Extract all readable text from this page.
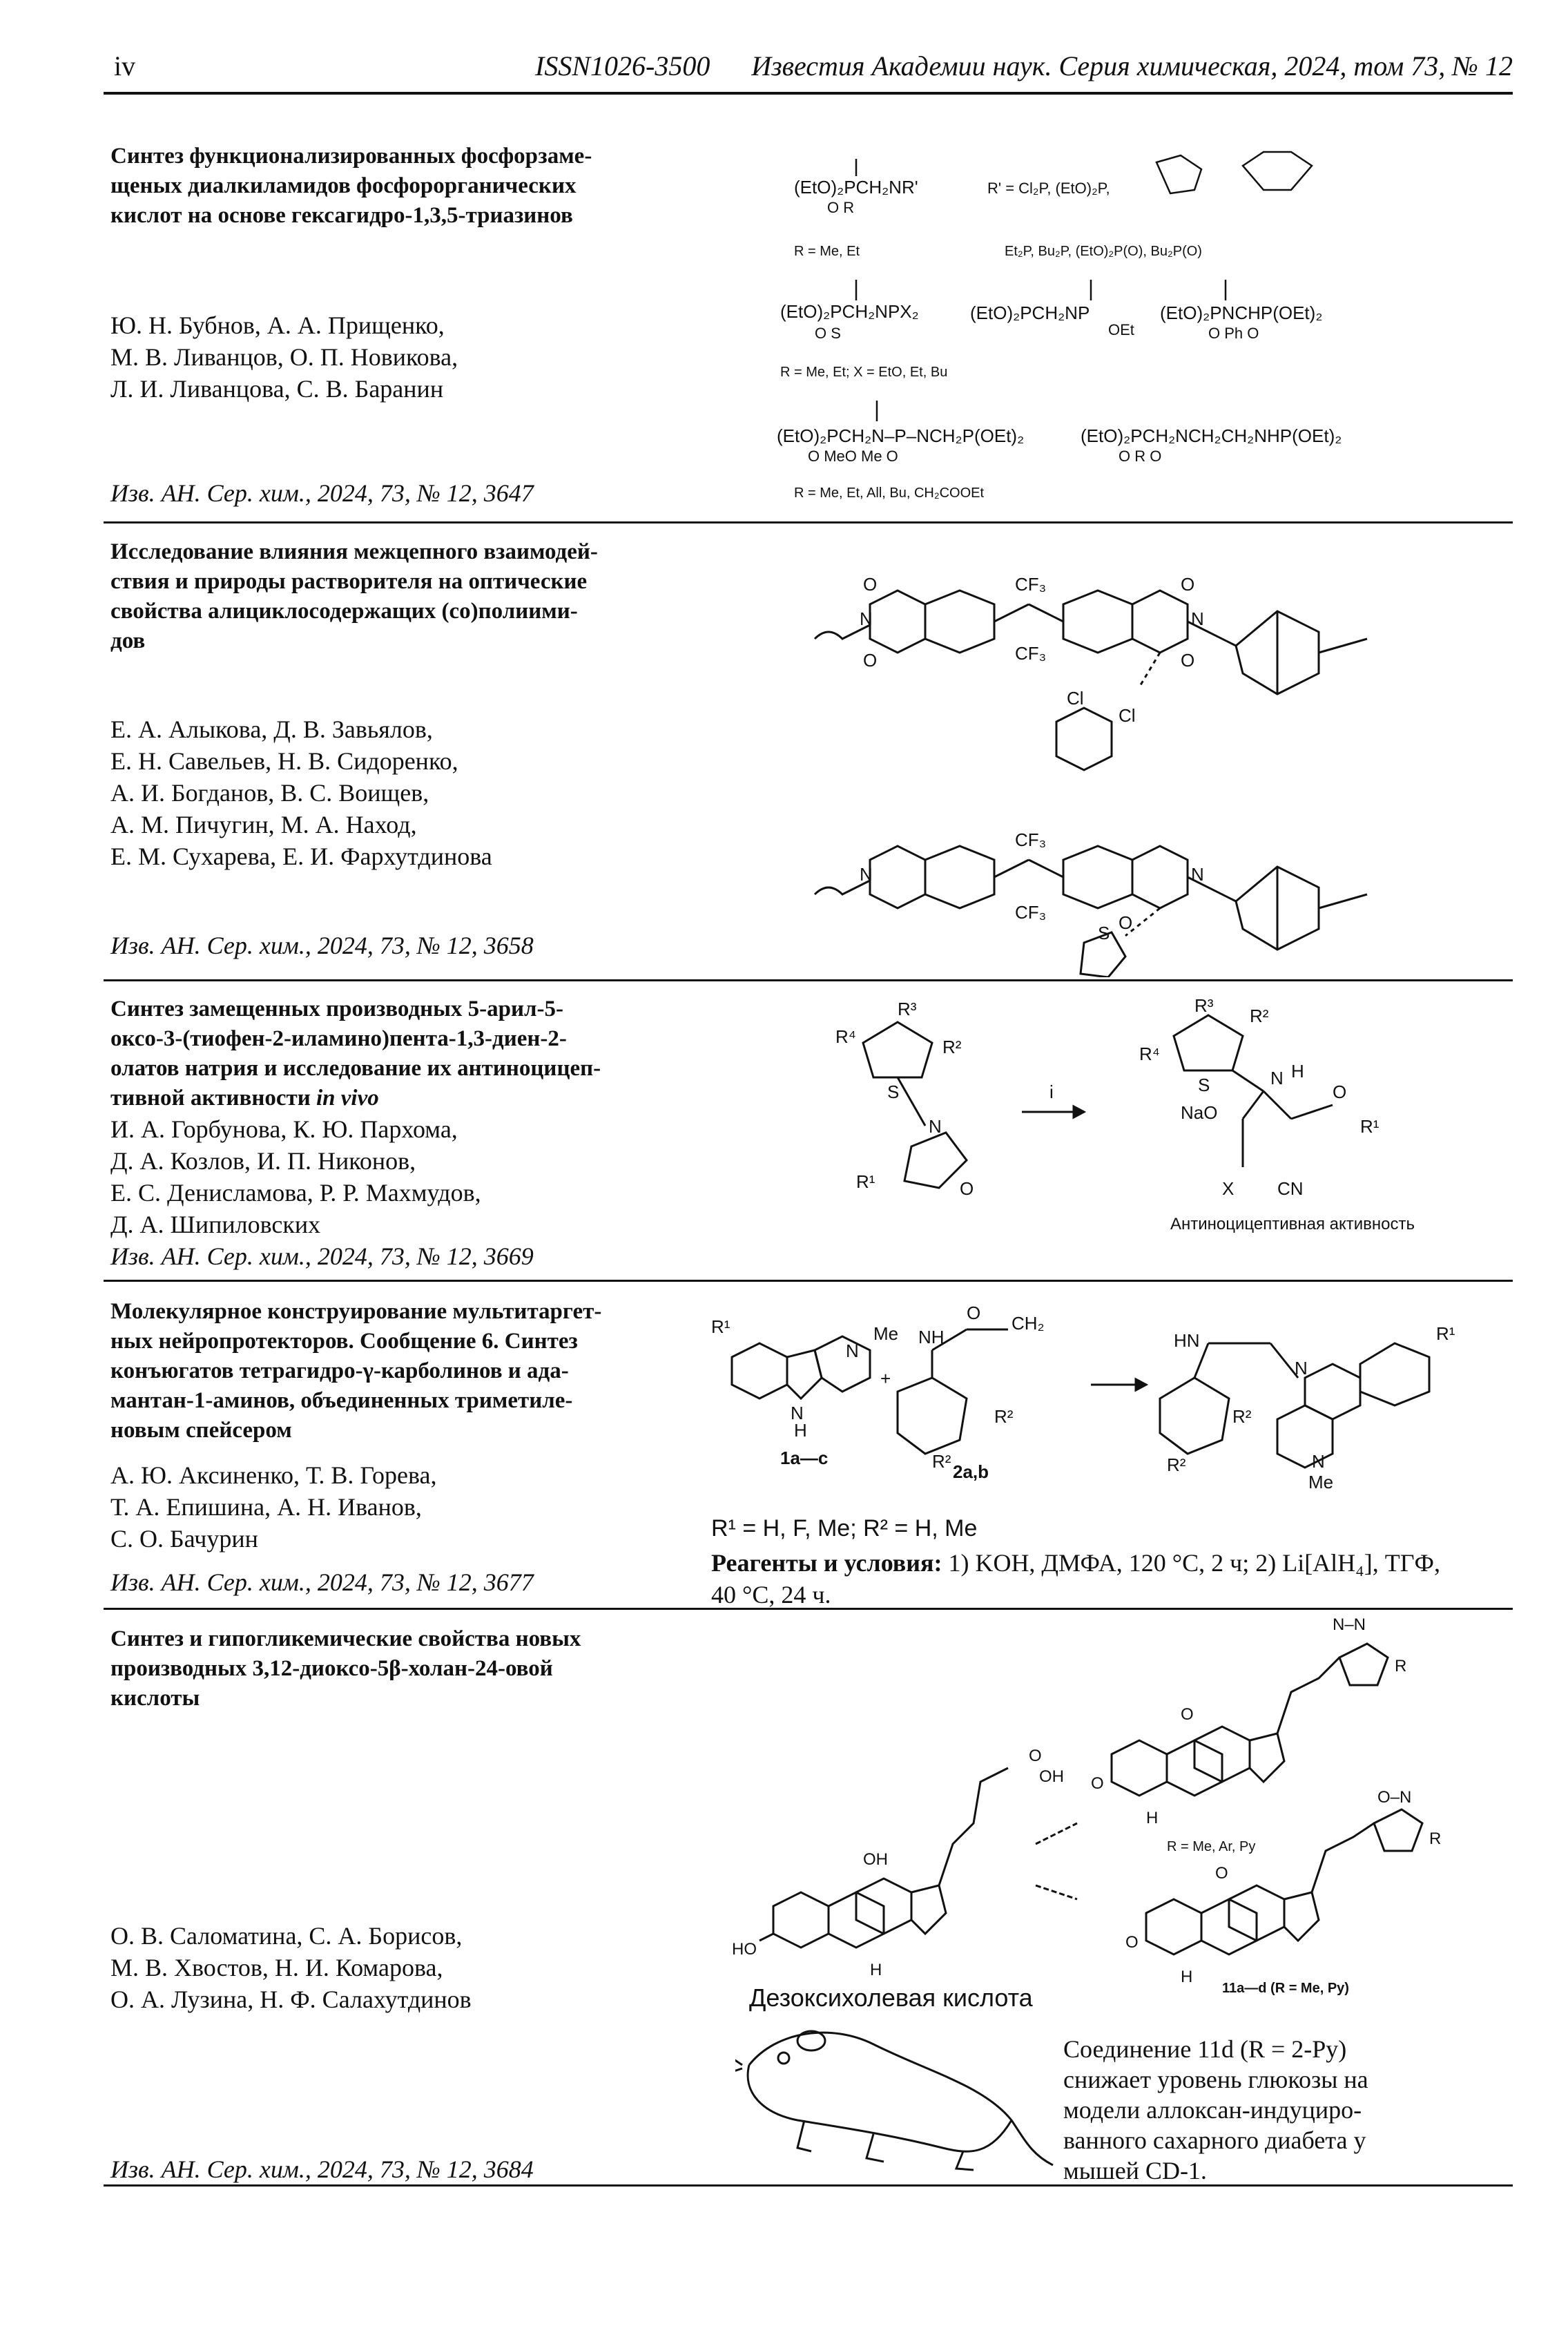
iv	ISSN1026-3500 Известия Академии наук. Серия химическая, 2024, том 73, № 12
Синтез функционализированных фосфорзаме-
щеных диалкиламидов фосфорорганических
кислот на основе гексагидро-1,3,5-триазинов
Ю. Н. Бубнов, А. А. Прищенко,
М. В. Ливанцов, О. П. Новикова,
Л. И. Ливанцова, С. В. Баранин
Изв. АН. Сер. хим., 2024, 73, № 12, 3647
(EtO)₂PCH₂NR'
O R
R = Me, Et
R' = Cl₂P, (EtO)₂P,
Et₂P, Bu₂P, (EtO)₂P(O), Bu₂P(O)
(EtO)₂PCH₂NPX₂
O S
R = Me, Et; X = EtO, Et, Bu
(EtO)₂PCH₂NP
OEt
(EtO)₂PNCHP(OEt)₂
O Ph O
(EtO)₂PCH₂N–P–NCH₂P(OEt)₂
O MeO Me O
(EtO)₂PCH₂NCH₂CH₂NHP(OEt)₂
O R O
R = Me, Et, All, Bu, CH₂COOEt
Исследование влияния межцепного взаимодей-
ствия и природы растворителя на оптические
свойства алициклосодержащих (со)полиими-
дов
Е. А. Алыкова, Д. В. Завьялов,
Е. Н. Савельев, Н. В. Сидоренко,
А. И. Богданов, В. С. Воищев,
А. М. Пичугин, М. А. Наход,
Е. М. Сухарева, Е. И. Фархутдинова
Изв. АН. Сер. хим., 2024, 73, № 12, 3658
CF₃
CF₃
O
O
O
O
N	N
Cl
Cl
CF₃
CF₃
N	N
S O
Синтез замещенных производных 5-арил-5-
оксо-3-(тиофен-2-иламино)пента-1,3-диен-2-
олатов натрия и исследование их антиноцицеп-
тивной активности in vivo
И. А. Горбунова, К. Ю. Пархома,
Д. А. Козлов, И. П. Никонов,
Е. С. Денисламова, Р. Р. Махмудов,
Д. А. Шипиловских
Изв. АН. Сер. хим., 2024, 73, № 12, 3669
R³
R⁴	R²
S
N
R¹	O
i
R³ R²
R⁴
S	N H
NaO
O
R¹
X CN
Антиноцицептивная активность
Молекулярное конструирование мультитаргет-
ных нейропротекторов. Сообщение 6. Синтез
конъюгатов тетрагидро-γ-карболинов и ада-
мантан-1-аминов, объединенных триметиле-
новым спейсером
А. Ю. Аксиненко, Т. В. Горева,
Т. А. Епишина, А. Н. Иванов,
С. О. Бачурин
Изв. АН. Сер. хим., 2024, 73, № 12, 3677
R¹	Me
N
N
H
1a—c
+
NH
O CH₂
R²
R² 2a,b
HN
R²
R²
R¹
N
N
Me
R¹ = H, F, Me; R² = H, Me
Реагенты и условия: 1) KOH, ДМФА, 120 °C, 2 ч; 2) Li[AlH₄], ТГФ,
40 °C, 24 ч.
Синтез и гипогликемические свойства новых
производных 3,12-диоксо-5β-холан-24-овой
кислоты
О. В. Саломатина, С. А. Борисов,
М. В. Хвостов, Н. И. Комарова,
О. А. Лузина, Н. Ф. Салахутдинов
Изв. АН. Сер. хим., 2024, 73, № 12, 3684
O
OH
OH
HO
H
N–N
R
O
O
H
R = Me, Ar, Py
O–N
R
O
O
H
11a—d (R = Me, Py)
Дезоксихолевая кислота
Соединение 11d (R = 2-Py)
снижает уровень глюкозы на
модели аллоксан-индуциро-
ванного сахарного диабета у
мышей CD-1.
